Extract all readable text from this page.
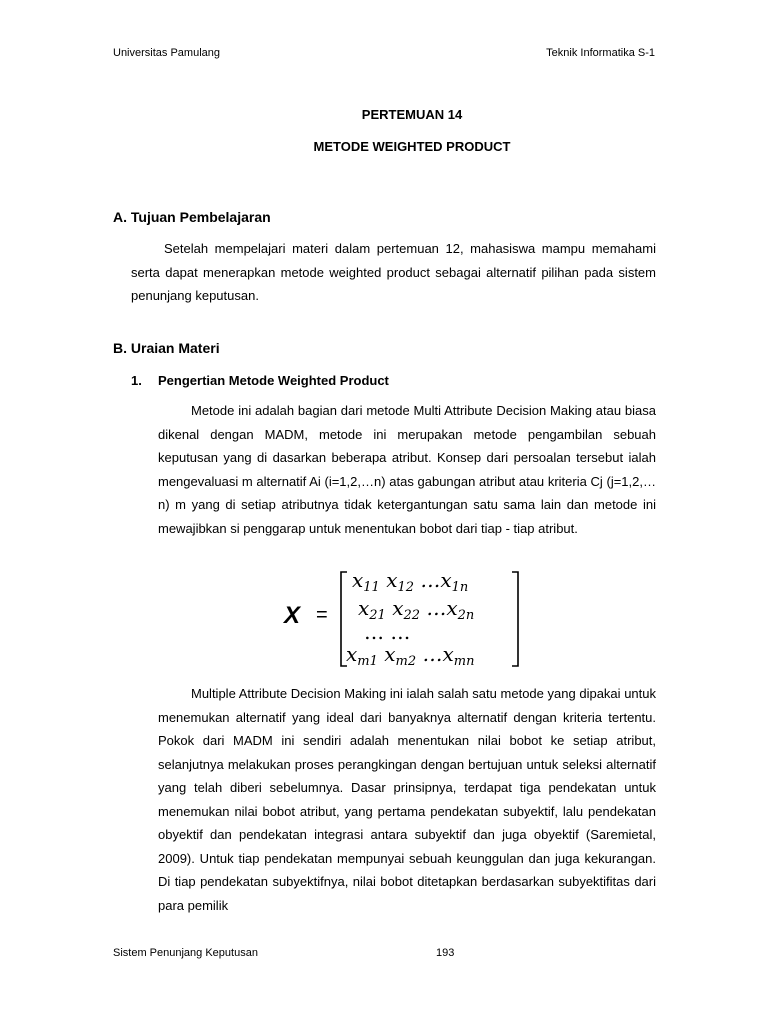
Universitas Pamulang	Teknik Informatika S-1
PERTEMUAN 14
METODE WEIGHTED PRODUCT
A. Tujuan Pembelajaran
Setelah mempelajari materi dalam pertemuan 12, mahasiswa mampu memahami serta dapat menerapkan metode weighted product sebagai alternatif pilihan pada sistem penunjang keputusan.
B. Uraian Materi
1. Pengertian Metode Weighted Product
Metode ini adalah bagian dari metode Multi Attribute Decision Making atau biasa dikenal dengan MADM, metode ini merupakan metode pengambilan sebuah keputusan yang di dasarkan beberapa atribut. Konsep dari persoalan tersebut ialah mengevaluasi m alternatif Ai (i=1,2,…n) atas gabungan atribut atau kriteria Cj (j=1,2,…n) m yang di setiap atributnya tidak ketergantungan satu sama lain dan metode ini mewajibkan si penggarap untuk menentukan bobot dari tiap - tiap atribut.
X =
$x_{11}$ $x_{12}$ $\dots x_{1n}$
$x_{21}$ $x_{22}$ $\dots x_{2n}$
… …
$x_{m1}$ $x_{m2}$ $\dots x_{mn}$
Multiple Attribute Decision Making ini ialah salah satu metode yang dipakai untuk menemukan alternatif yang ideal dari banyaknya alternatif dengan kriteria tertentu. Pokok dari MADM ini sendiri adalah menentukan nilai bobot ke setiap atribut, selanjutnya melakukan proses perangkingan dengan bertujuan untuk seleksi alternatif yang telah diberi sebelumnya. Dasar prinsipnya, terdapat tiga pendekatan untuk menemukan nilai bobot atribut, yang pertama pendekatan subyektif, lalu pendekatan obyektif dan pendekatan integrasi antara subyektif dan juga obyektif (Saremietal, 2009). Untuk tiap pendekatan mempunyai sebuah keunggulan dan juga kekurangan. Di tiap pendekatan subyektifnya, nilai bobot ditetapkan berdasarkan subyektifitas dari para pemilik
Sistem Penunjang Keputusan	193
